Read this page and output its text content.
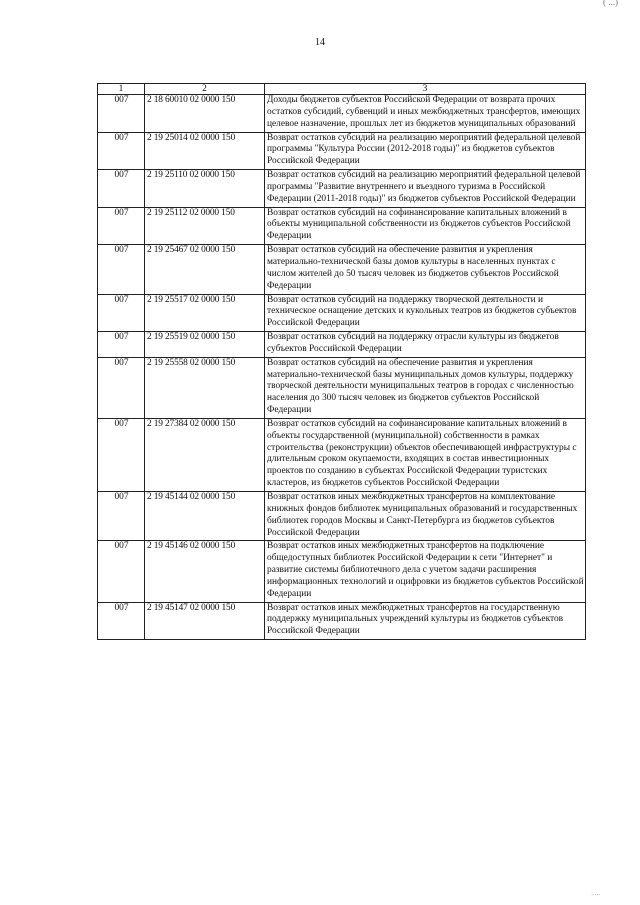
( ...)
14
1	2	3
007	2 18 60010 02 0000 150	Доходы бюджетов субъектов Российской Федерации от возврата прочих остатков субсидий, субвенций и иных межбюджетных трансфертов, имеющих целевое назначение, прошлых лет из бюджетов муниципальных образований
007	2 19 25014 02 0000 150	Возврат остатков субсидий на реализацию мероприятий федеральной целевой программы "Культура России (2012-2018 годы)" из бюджетов субъектов Российской Федерации
007	2 19 25110 02 0000 150	Возврат остатков субсидий на реализацию мероприятий федеральной целевой программы "Развитие внутреннего и въездного туризма в Российской Федерации (2011-2018 годы)" из бюджетов субъектов Российской Федерации
007	2 19 25112 02 0000 150	Возврат остатков субсидий на софинансирование капитальных вложений в объекты муниципальной собственности из бюджетов субъектов Российской Федерации
007	2 19 25467 02 0000 150	Возврат остатков субсидий на обеспечение развития и укрепления материально-технической базы домов культуры в населенных пунктах с числом жителей до 50 тысяч человек из бюджетов субъектов Российской Федерации
007	2 19 25517 02 0000 150	Возврат остатков субсидий на поддержку творческой деятельности и техническое оснащение детских и кукольных театров из бюджетов субъектов Российской Федерации
007	2 19 25519 02 0000 150	Возврат остатков субсидий на поддержку отрасли культуры из бюджетов субъектов Российской Федерации
007	2 19 25558 02 0000 150	Возврат остатков субсидий на обеспечение развития и укрепления материально-технической базы муниципальных домов культуры, поддержку творческой деятельности муниципальных театров в городах с численностью населения до 300 тысяч человек из бюджетов субъектов Российской Федерации
007	2 19 27384 02 0000 150	Возврат остатков субсидий на софинансирование капитальных вложений в объекты государственной (муниципальной) собственности в рамках строительства (реконструкции) объектов обеспечивающей инфраструктуры с длительным сроком окупаемости, входящих в состав инвестиционных проектов по созданию в субъектах Российской Федерации туристских кластеров, из бюджетов субъектов Российской Федерации
007	2 19 45144 02 0000 150	Возврат остатков иных межбюджетных трансфертов на комплектование книжных фондов библиотек муниципальных образований и государственных библиотек городов Москвы и Санкт-Петербурга из бюджетов субъектов Российской Федерации
007	2 19 45146 02 0000 150	Возврат остатков иных межбюджетных трансфертов на подключение общедоступных библиотек Российской Федерации к сети "Интернет" и развитие системы библиотечного дела с учетом задачи расширения информационных технологий и оцифровки из бюджетов субъектов Российской Федерации
007	2 19 45147 02 0000 150	Возврат остатков иных межбюджетных трансфертов на государственную поддержку муниципальных учреждений культуры из бюджетов субъектов Российской Федерации
. ...
